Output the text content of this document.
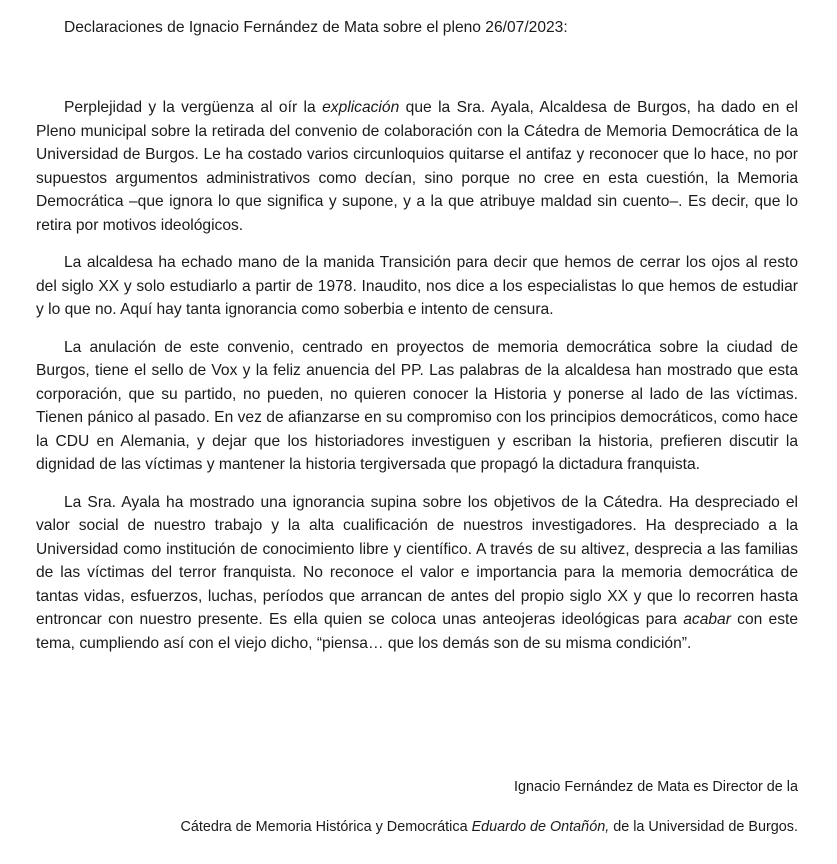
Declaraciones de Ignacio Fernández de Mata sobre el pleno 26/07/2023:

Perplejidad y la vergüenza al oír la explicación que la Sra. Ayala, Alcaldesa de Burgos, ha dado en el Pleno municipal sobre la retirada del convenio de colaboración con la Cátedra de Memoria Democrática de la Universidad de Burgos. Le ha costado varios circunloquios quitarse el antifaz y reconocer que lo hace, no por supuestos argumentos administrativos como decían, sino porque no cree en esta cuestión, la Memoria Democrática –que ignora lo que significa y supone, y a la que atribuye maldad sin cuento–. Es decir, que lo retira por motivos ideológicos.

La alcaldesa ha echado mano de la manida Transición para decir que hemos de cerrar los ojos al resto del siglo XX y solo estudiarlo a partir de 1978. Inaudito, nos dice a los especialistas lo que hemos de estudiar y lo que no. Aquí hay tanta ignorancia como soberbia e intento de censura.

La anulación de este convenio, centrado en proyectos de memoria democrática sobre la ciudad de Burgos, tiene el sello de Vox y la feliz anuencia del PP. Las palabras de la alcaldesa han mostrado que esta corporación, que su partido, no pueden, no quieren conocer la Historia y ponerse al lado de las víctimas. Tienen pánico al pasado. En vez de afianzarse en su compromiso con los principios democráticos, como hace la CDU en Alemania, y dejar que los historiadores investiguen y escriban la historia, prefieren discutir la dignidad de las víctimas y mantener la historia tergiversada que propagó la dictadura franquista.

La Sra. Ayala ha mostrado una ignorancia supina sobre los objetivos de la Cátedra. Ha despreciado el valor social de nuestro trabajo y la alta cualificación de nuestros investigadores. Ha despreciado a la Universidad como institución de conocimiento libre y científico. A través de su altivez, desprecia a las familias de las víctimas del terror franquista. No reconoce el valor e importancia para la memoria democrática de tantas vidas, esfuerzos, luchas, períodos que arrancan de antes del propio siglo XX y que lo recorren hasta entroncar con nuestro presente. Es ella quien se coloca unas anteojeras ideológicas para acabar con este tema, cumpliendo así con el viejo dicho, “piensa… que los demás son de su misma condición”.

Ignacio Fernández de Mata es Director de la
Cátedra de Memoria Histórica y Democrática Eduardo de Ontañón, de la Universidad de Burgos.
